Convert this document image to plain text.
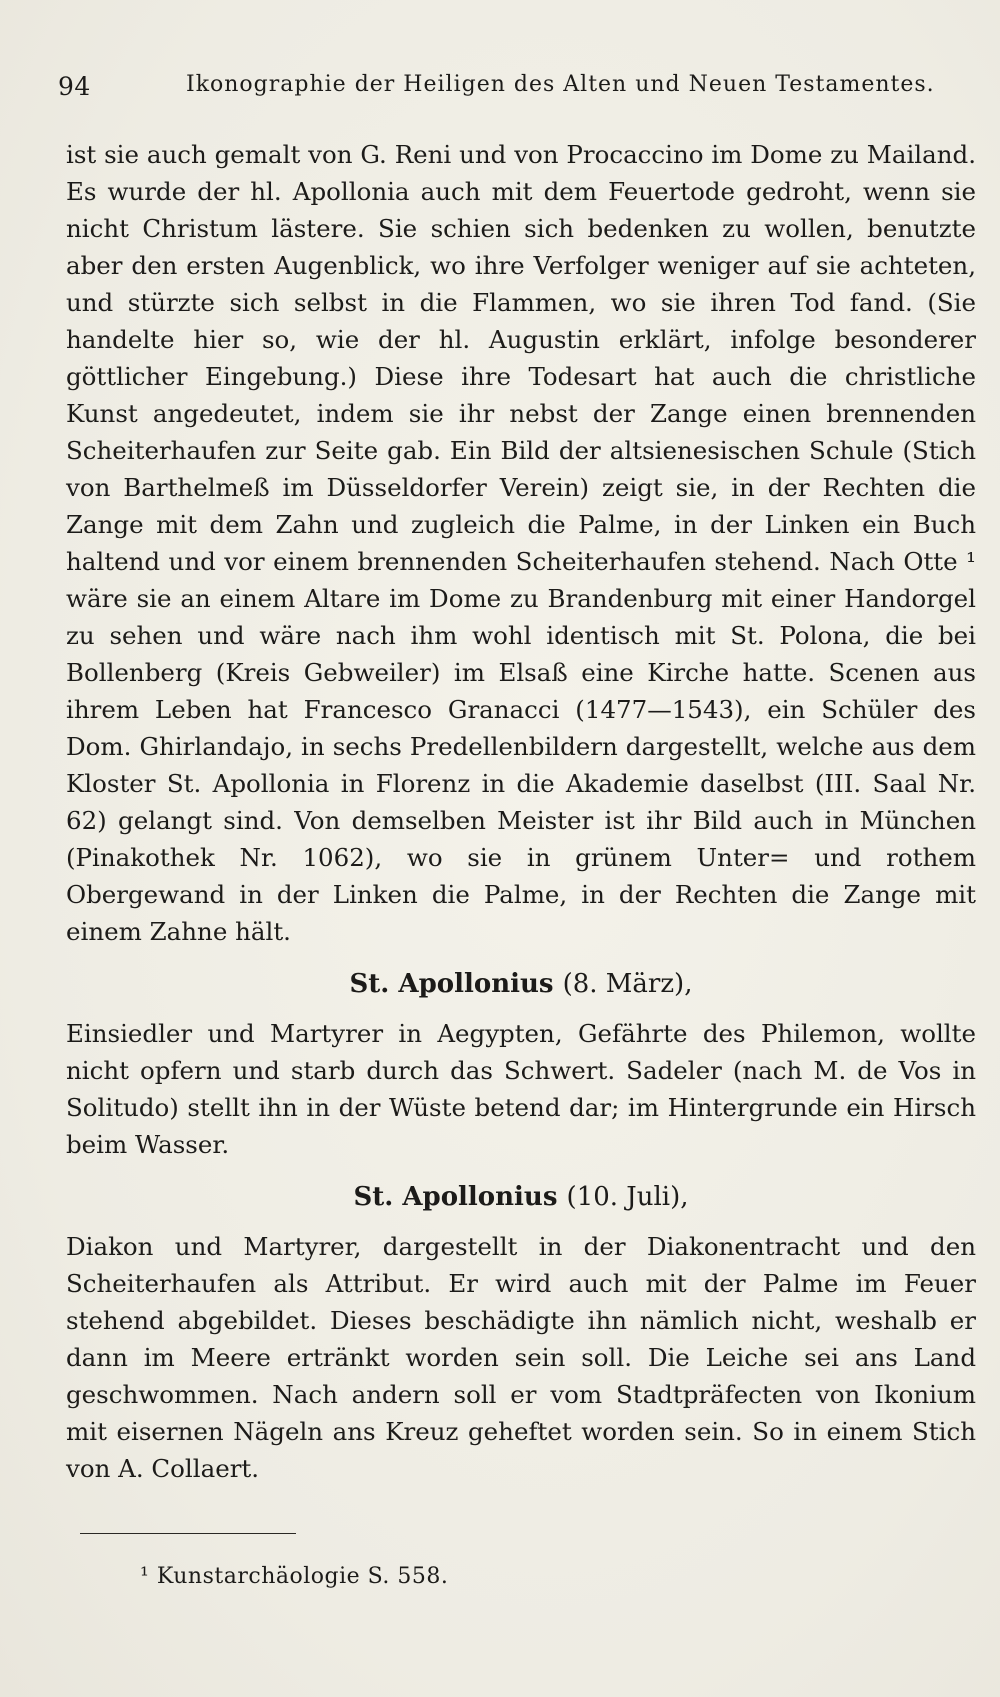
94	Ikonographie der Heiligen des Alten und Neuen Testamentes.

ist sie auch gemalt von G. Reni und von Procaccino im Dome zu Mailand. Es wurde der hl. Apollonia auch mit dem Feuertode gedroht, wenn sie nicht Christum lästere. Sie schien sich bedenken zu wollen, benutzte aber den ersten Augenblick, wo ihre Verfolger weniger auf sie achteten, und stürzte sich selbst in die Flammen, wo sie ihren Tod fand. (Sie handelte hier so, wie der hl. Augustin erklärt, infolge besonderer göttlicher Eingebung.) Diese ihre Todesart hat auch die christliche Kunst angedeutet, indem sie ihr nebst der Zange einen brennenden Scheiterhaufen zur Seite gab. Ein Bild der altsienesischen Schule (Stich von Barthelmeß im Düsseldorfer Verein) zeigt sie, in der Rechten die Zange mit dem Zahn und zugleich die Palme, in der Linken ein Buch haltend und vor einem brennenden Scheiterhaufen stehend. Nach Otte ¹ wäre sie an einem Altare im Dome zu Brandenburg mit einer Handorgel zu sehen und wäre nach ihm wohl identisch mit St. Polona, die bei Bollenberg (Kreis Gebweiler) im Elsaß eine Kirche hatte. Scenen aus ihrem Leben hat Francesco Granacci (1477—1543), ein Schüler des Dom. Ghirlandajo, in sechs Predellenbildern dargestellt, welche aus dem Kloster St. Apollonia in Florenz in die Akademie daselbst (III. Saal Nr. 62) gelangt sind. Von demselben Meister ist ihr Bild auch in München (Pinakothek Nr. 1062), wo sie in grünem Unter= und rothem Obergewand in der Linken die Palme, in der Rechten die Zange mit einem Zahne hält.

St. Apollonius (8. März),

Einsiedler und Martyrer in Aegypten, Gefährte des Philemon, wollte nicht opfern und starb durch das Schwert. Sadeler (nach M. de Vos in Solitudo) stellt ihn in der Wüste betend dar; im Hintergrunde ein Hirsch beim Wasser.

St. Apollonius (10. Juli),

Diakon und Martyrer, dargestellt in der Diakonentracht und den Scheiterhaufen als Attribut. Er wird auch mit der Palme im Feuer stehend abgebildet. Dieses beschädigte ihn nämlich nicht, weshalb er dann im Meere ertränkt worden sein soll. Die Leiche sei ans Land geschwommen. Nach andern soll er vom Stadtpräfecten von Ikonium mit eisernen Nägeln ans Kreuz geheftet worden sein. So in einem Stich von A. Collaert.

¹ Kunstarchäologie S. 558.
